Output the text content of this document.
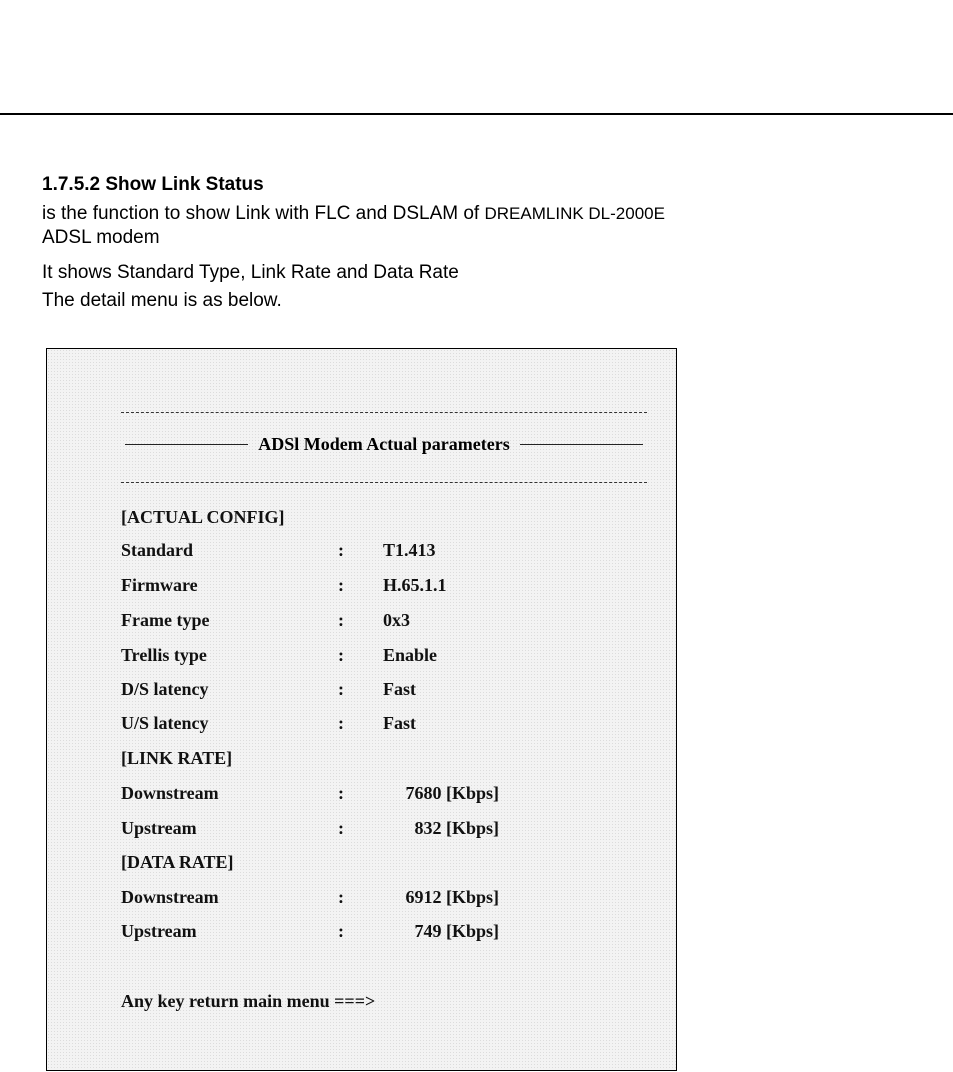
1.7.5.2 Show Link Status
is the function to show Link with FLC and DSLAM of DREAMLINK DL-2000E
ADSL modem
It shows Standard Type, Link Rate and Data Rate
The detail menu is as below.
ADSl Modem Actual parameters
[ACTUAL CONFIG]
Standard	: T1.413
Firmware	: H.65.1.1
Frame type	: 0x3
Trellis type	: Enable
D/S latency	: Fast
U/S latency	: Fast
[LINK RATE]
Downstream	:	7680 [Kbps]
Upstream	:	832 [Kbps]
[DATA RATE]
Downstream	:	6912 [Kbps]
Upstream	:	749 [Kbps]
Any key return main menu ===>
